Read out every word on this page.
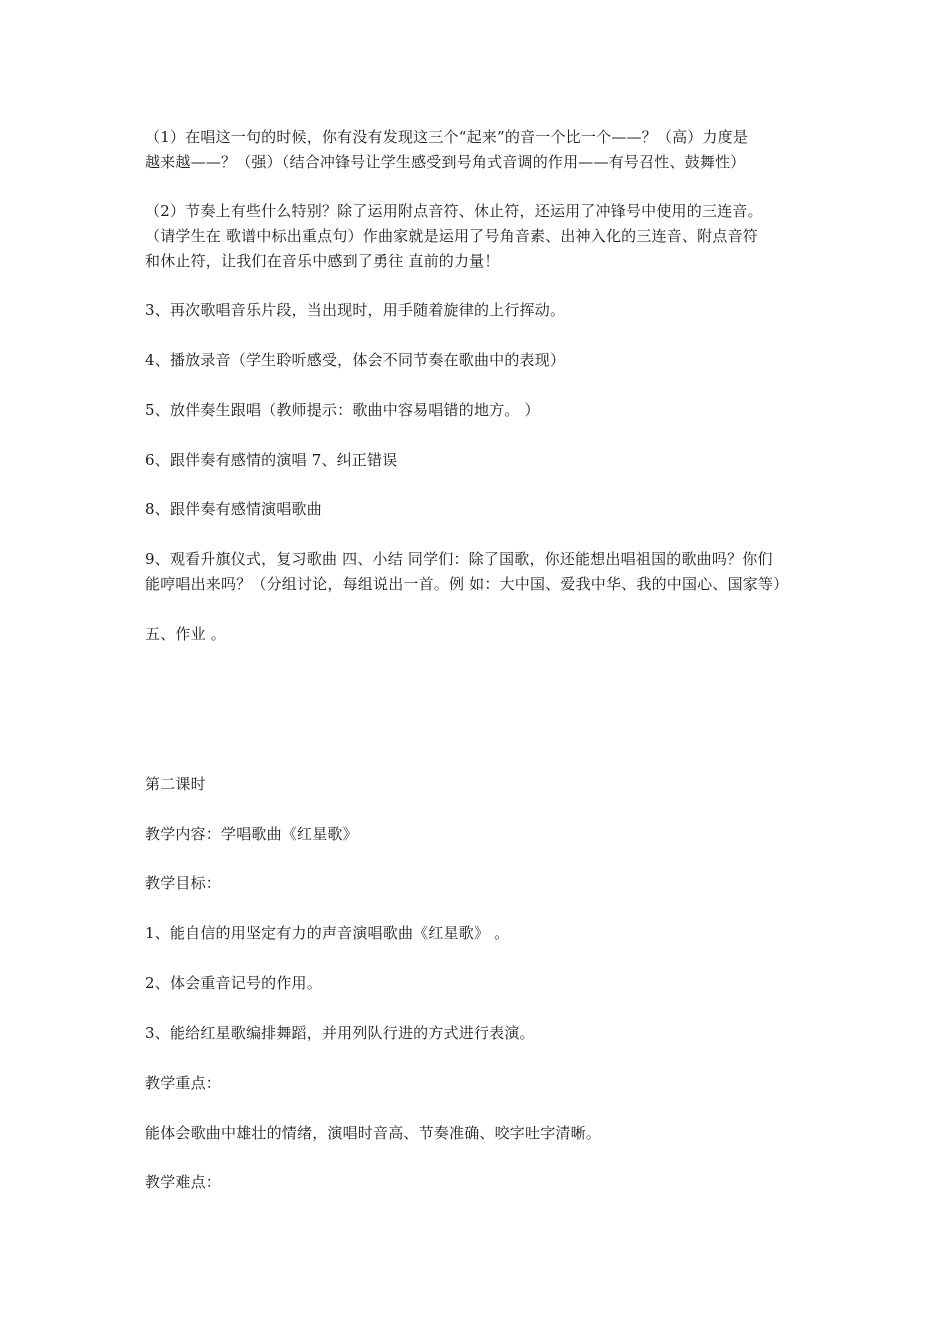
（1）在唱这一句的时候，你有没有发现这三个“起来”的音一个比一个——？（高）力度是
越来越——？（强）（结合冲锋号让学生感受到号角式音调的作用——有号召性、鼓舞性）

（2）节奏上有些什么特别？除了运用附点音符、休止符，还运用了冲锋号中使用的三连音。
（请学生在 歌谱中标出重点句）作曲家就是运用了号角音素、出神入化的三连音、附点音符
和休止符，让我们在音乐中感到了勇往 直前的力量！

3、再次歌唱音乐片段，当出现时，用手随着旋律的上行挥动。

4、播放录音（学生聆听感受，体会不同节奏在歌曲中的表现）

5、放伴奏生跟唱（教师提示：歌曲中容易唱错的地方。 ）

6、跟伴奏有感情的演唱 7、纠正错误

8、跟伴奏有感情演唱歌曲

9、观看升旗仪式，复习歌曲 四、小结 同学们：除了国歌，你还能想出唱祖国的歌曲吗？你们
能哼唱出来吗？（分组讨论，每组说出一首。例 如：大中国、爱我中华、我的中国心、国家等）

五、作业 。

第二课时

教学内容：学唱歌曲《红星歌》

教学目标：

1、能自信的用坚定有力的声音演唱歌曲《红星歌》 。

2、体会重音记号的作用。

3、能给红星歌编排舞蹈，并用列队行进的方式进行表演。

教学重点：

能体会歌曲中雄壮的情绪，演唱时音高、节奏准确、咬字吐字清晰。

教学难点：
